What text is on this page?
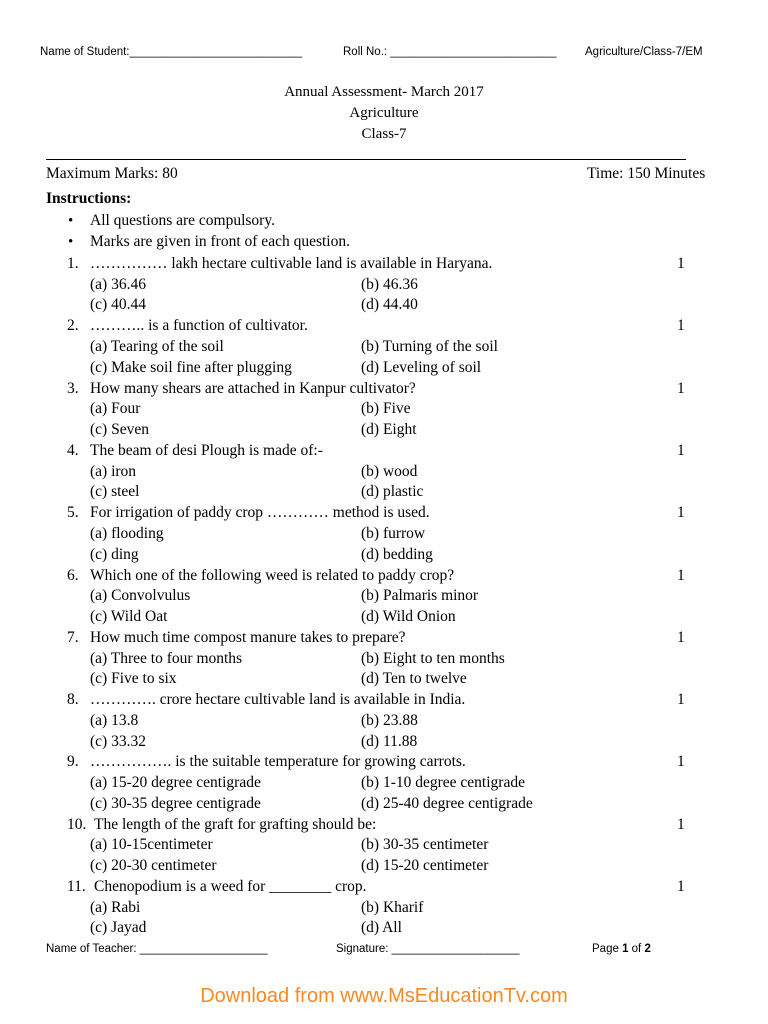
Name of Student:___________________________	Roll No.: __________________________ Agriculture/Class-7/EM
Annual Assessment- March 2017
Agriculture
Class-7
Maximum Marks: 80	Time: 150 Minutes
Instructions:
• All questions are compulsory.
• Marks are given in front of each question.
1. …………… lakh hectare cultivable land is available in Haryana.	1
(a) 36.46	(b) 46.36
(c) 40.44	(d) 44.40
2. ……….. is a function of cultivator.	1
(a) Tearing of the soil	(b) Turning of the soil
(c) Make soil fine after plugging	(d) Leveling of soil
3. How many shears are attached in Kanpur cultivator?	1
(a) Four	(b) Five
(c) Seven	(d) Eight
4. The beam of desi Plough is made of:-	1
(a) iron	(b) wood
(c) steel	(d) plastic
5. For irrigation of paddy crop ………… method is used.	1
(a) flooding	(b) furrow
(c) ding	(d) bedding
6. Which one of the following weed is related to paddy crop?	1
(a) Convolvulus	(b) Palmaris minor
(c) Wild Oat	(d) Wild Onion
7. How much time compost manure takes to prepare?	1
(a) Three to four months	(b) Eight to ten months
(c) Five to six	(d) Ten to twelve
8. …………. crore hectare cultivable land is available in India.	1
(a) 13.8	(b) 23.88
(c) 33.32	(d) 11.88
9. ……………. is the suitable temperature for growing carrots.	1
(a) 15-20 degree centigrade	(b) 1-10 degree centigrade
(c) 30-35 degree centigrade	(d) 25-40 degree centigrade
10. The length of the graft for grafting should be:	1
(a) 10-15centimeter	(b) 30-35 centimeter
(c) 20-30 centimeter	(d) 15-20 centimeter
11. Chenopodium is a weed for ________ crop.	1
(a) Rabi	(b) Kharif
(c) Jayad	(d) All
Name of Teacher: ____________________	Signature: ____________________	Page 1 of 2
Download from www.MsEducationTv.com
